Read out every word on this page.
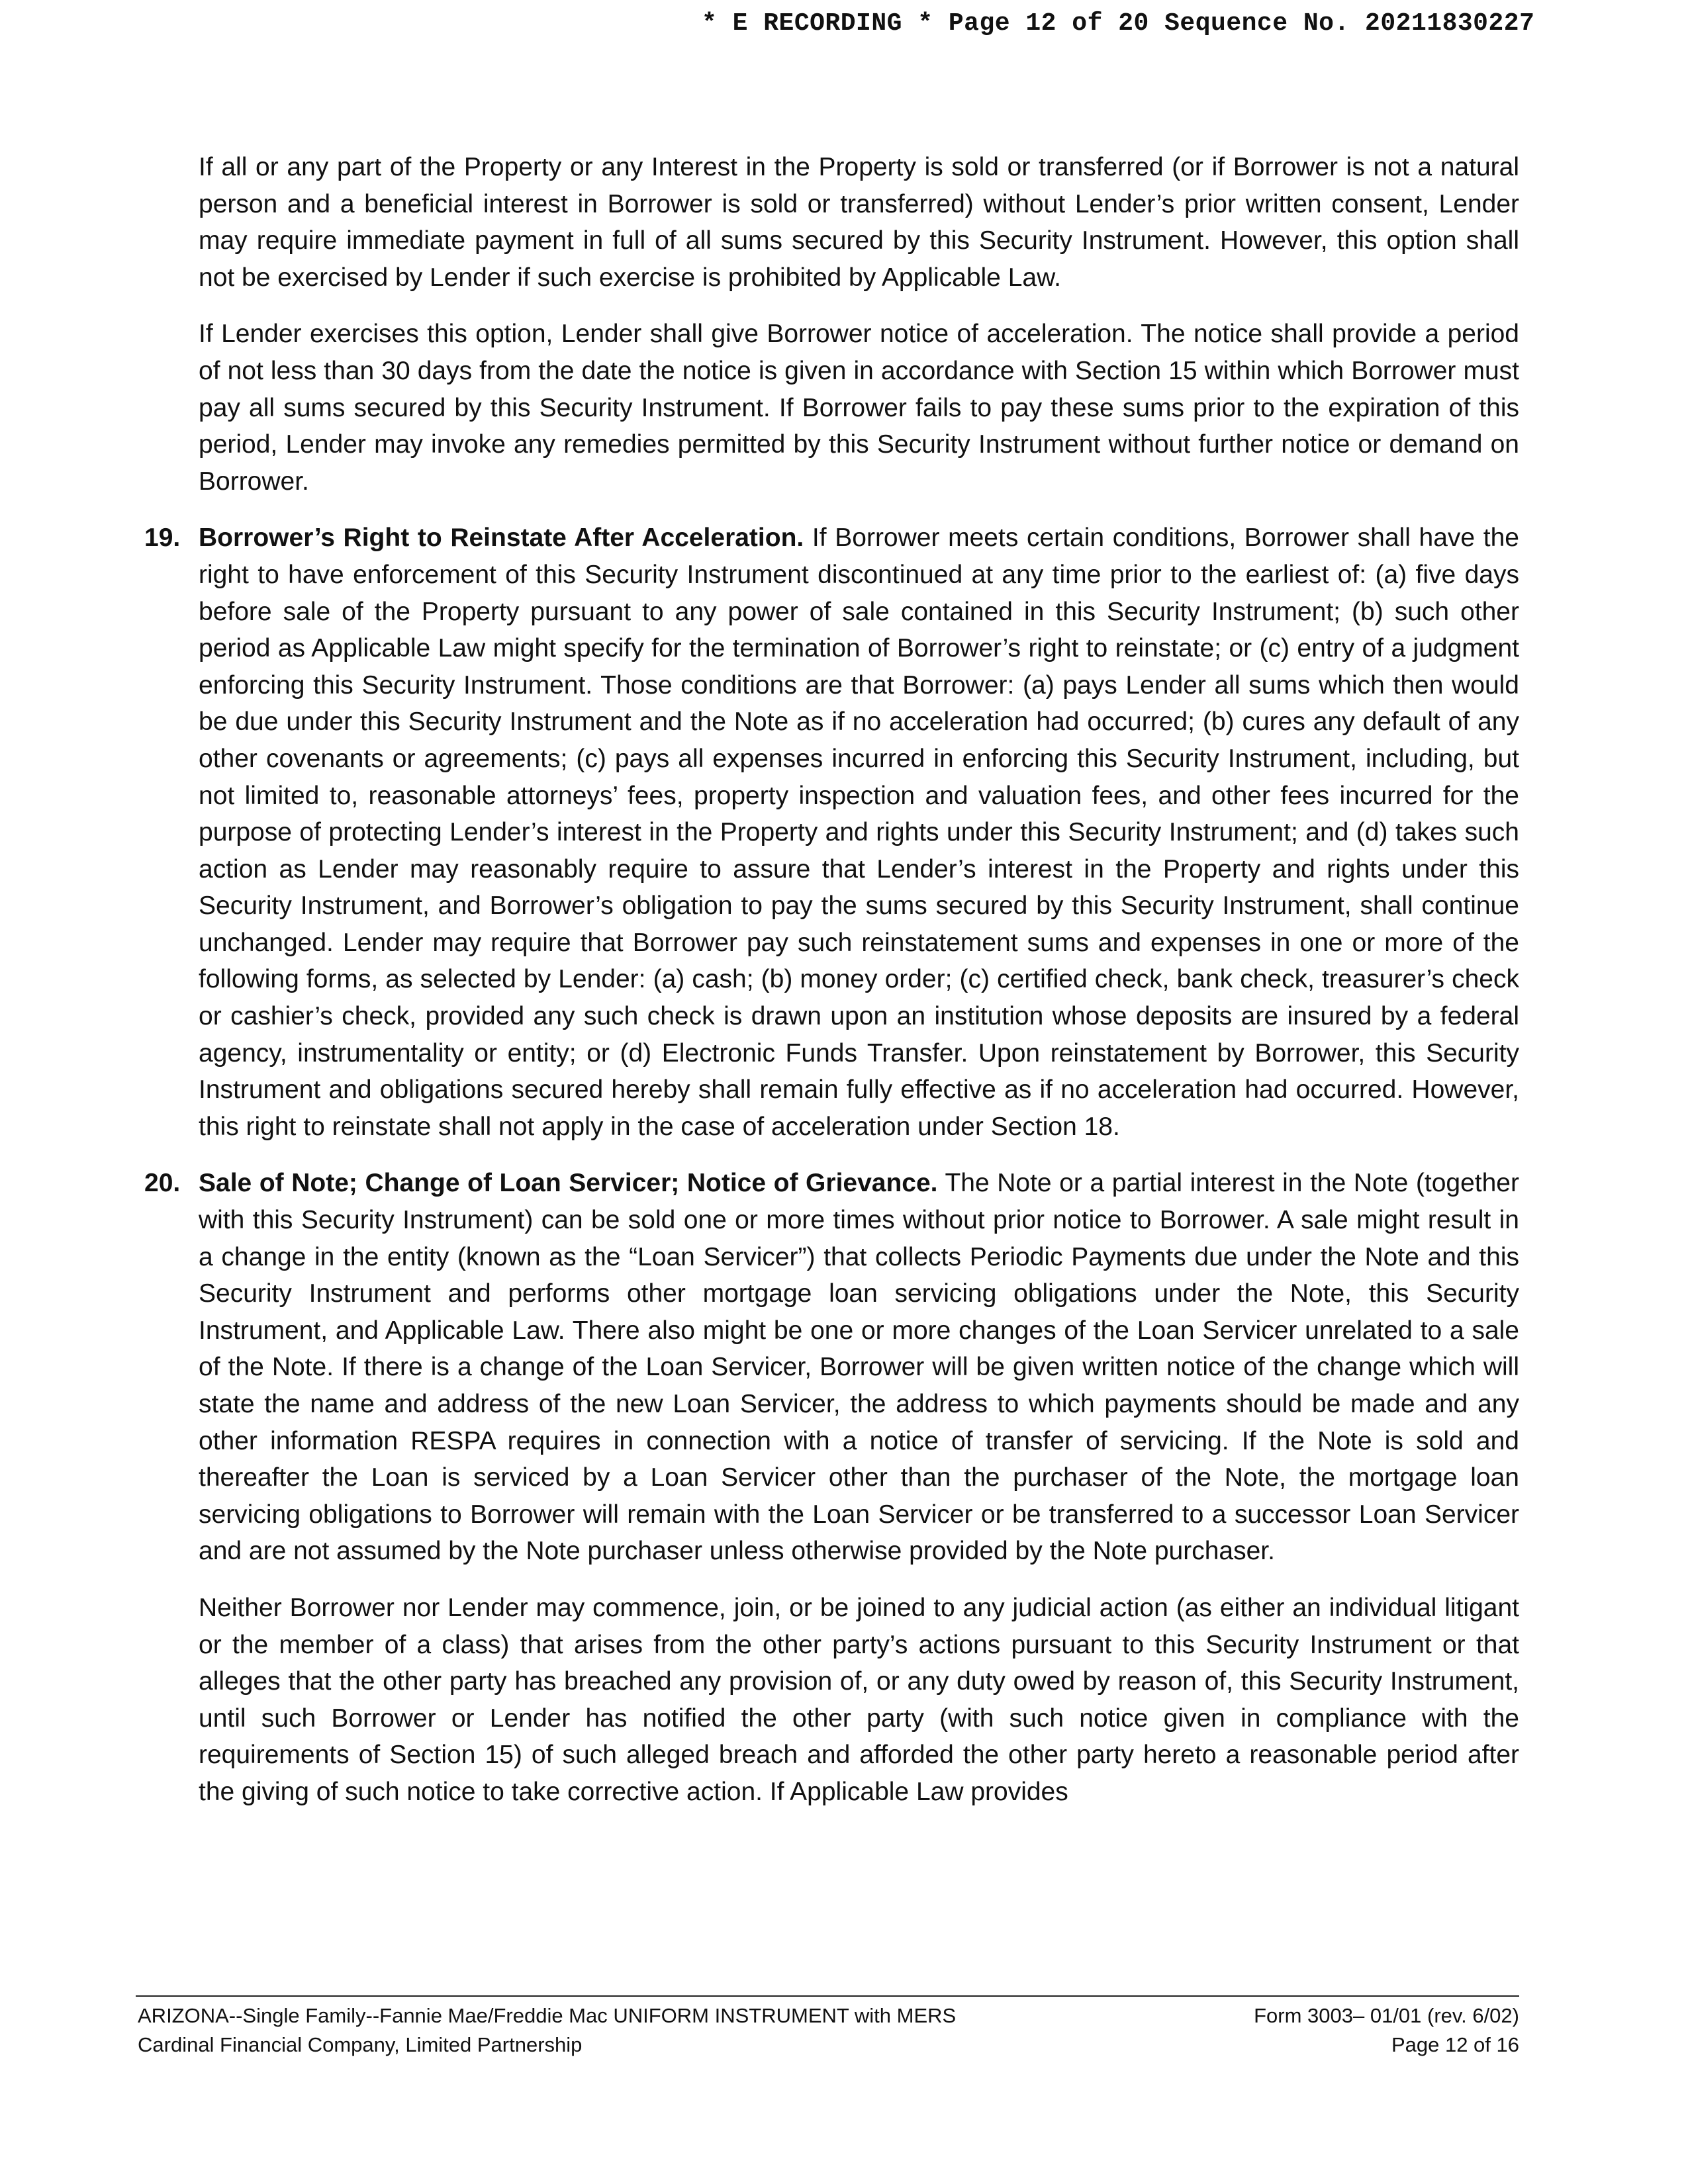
* E RECORDING * Page 12 of 20 Sequence No. 20211830227

If all or any part of the Property or any Interest in the Property is sold or transferred (or if Borrower is not a natural person and a beneficial interest in Borrower is sold or transferred) without Lender’s prior written consent, Lender may require immediate payment in full of all sums secured by this Security Instrument. However, this option shall not be exercised by Lender if such exercise is prohibited by Applicable Law.

If Lender exercises this option, Lender shall give Borrower notice of acceleration. The notice shall provide a period of not less than 30 days from the date the notice is given in accordance with Section 15 within which Borrower must pay all sums secured by this Security Instrument. If Borrower fails to pay these sums prior to the expiration of this period, Lender may invoke any remedies permitted by this Security Instrument without further notice or demand on Borrower.

19. Borrower’s Right to Reinstate After Acceleration. If Borrower meets certain conditions, Borrower shall have the right to have enforcement of this Security Instrument discontinued at any time prior to the earliest of: (a) five days before sale of the Property pursuant to any power of sale contained in this Security Instrument; (b) such other period as Applicable Law might specify for the termination of Borrower’s right to reinstate; or (c) entry of a judgment enforcing this Security Instrument. Those conditions are that Borrower: (a) pays Lender all sums which then would be due under this Security Instrument and the Note as if no acceleration had occurred; (b) cures any default of any other covenants or agreements; (c) pays all expenses incurred in enforcing this Security Instrument, including, but not limited to, reasonable attorneys’ fees, property inspection and valuation fees, and other fees incurred for the purpose of protecting Lender’s interest in the Property and rights under this Security Instrument; and (d) takes such action as Lender may reasonably require to assure that Lender’s interest in the Property and rights under this Security Instrument, and Borrower’s obligation to pay the sums secured by this Security Instrument, shall continue unchanged. Lender may require that Borrower pay such reinstatement sums and expenses in one or more of the following forms, as selected by Lender: (a) cash; (b) money order; (c) certified check, bank check, treasurer’s check or cashier’s check, provided any such check is drawn upon an institution whose deposits are insured by a federal agency, instrumentality or entity; or (d) Electronic Funds Transfer. Upon reinstatement by Borrower, this Security Instrument and obligations secured hereby shall remain fully effective as if no acceleration had occurred. However, this right to reinstate shall not apply in the case of acceleration under Section 18.
20. Sale of Note; Change of Loan Servicer; Notice of Grievance. The Note or a partial interest in the Note (together with this Security Instrument) can be sold one or more times without prior notice to Borrower. A sale might result in a change in the entity (known as the “Loan Servicer”) that collects Periodic Payments due under the Note and this Security Instrument and performs other mortgage loan servicing obligations under the Note, this Security Instrument, and Applicable Law. There also might be one or more changes of the Loan Servicer unrelated to a sale of the Note. If there is a change of the Loan Servicer, Borrower will be given written notice of the change which will state the name and address of the new Loan Servicer, the address to which payments should be made and any other information RESPA requires in connection with a notice of transfer of servicing. If the Note is sold and thereafter the Loan is serviced by a Loan Servicer other than the purchaser of the Note, the mortgage loan servicing obligations to Borrower will remain with the Loan Servicer or be transferred to a successor Loan Servicer and are not assumed by the Note purchaser unless otherwise provided by the Note purchaser.

Neither Borrower nor Lender may commence, join, or be joined to any judicial action (as either an individual litigant or the member of a class) that arises from the other party’s actions pursuant to this Security Instrument or that alleges that the other party has breached any provision of, or any duty owed by reason of, this Security Instrument, until such Borrower or Lender has notified the other party (with such notice given in compliance with the requirements of Section 15) of such alleged breach and afforded the other party hereto a reasonable period after the giving of such notice to take corrective action. If Applicable Law provides

ARIZONA--Single Family--Fannie Mae/Freddie Mac UNIFORM INSTRUMENT with MERS	Form 3003– 01/01 (rev. 6/02)
Cardinal Financial Company, Limited Partnership	Page 12 of 16
